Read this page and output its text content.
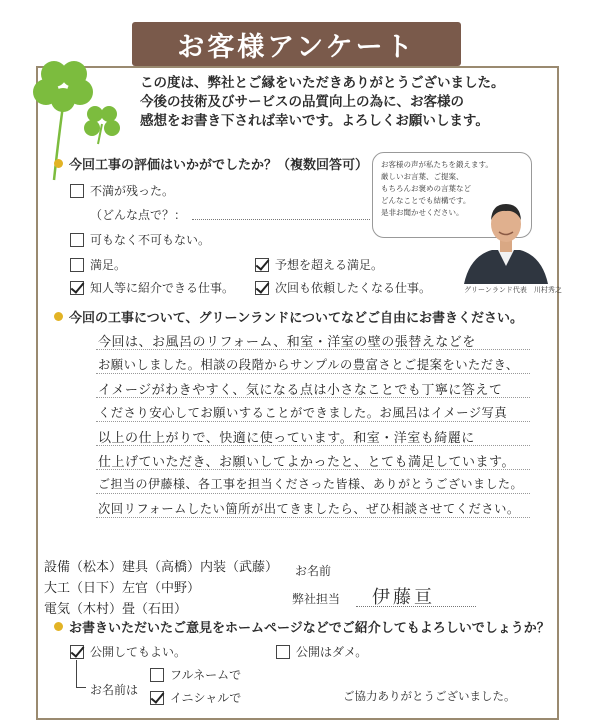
お客様アンケート
この度は、弊社とご縁をいただきありがとうございました。
今後の技術及びサービスの品質向上の為に、お客様の
感想をお書き下されば幸いです。よろしくお願いします。
今回工事の評価はいかがでしたか？（複数回答可）
不満が残った。
（どんな点で？：
可もなく不可もない。
満足。	予想を超える満足。
知人等に紹介できる仕事。	次回も依頼したくなる仕事。
お客様の声が私たちを鍛えます。
厳しいお言葉、ご提案、
もちろんお褒めの言葉など
どんなことでも結構です。
是非お聞かせください。
グリーンランド代表　川村秀之
今回の工事について、グリーンランドについてなどご自由にお書きください。
今回は、お風呂のリフォーム、和室・洋室の壁の張替えなどを
お願いしました。相談の段階からサンプルの豊富さとご提案をいただき、
イメージがわきやすく、気になる点は小さなことでも丁寧に答えて
くださり安心してお願いすることができました。お風呂はイメージ写真
以上の仕上がりで、快適に使っています。和室・洋室も綺麗に
仕上げていただき、お願いしてよかったと、とても満足しています。
ご担当の伊藤様、各工事を担当くださった皆様、ありがとうございました。
次回リフォームしたい箇所が出てきましたら、ぜひ相談させてください。
設備（松本）建具（高橋）内装（武藤）
大工（日下）左官（中野）
電気（木村）畳（石田）
お名前
弊社担当 伊藤亘
お書きいただいたご意見をホームページなどでご紹介してもよろしいでしょうか？
公開してもよい。	公開はダメ。
お名前は
フルネームで
イニシャルで	ご協力ありがとうございました。
